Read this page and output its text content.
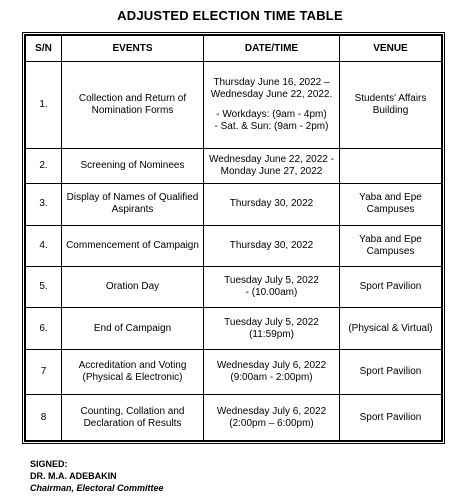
ADJUSTED ELECTION TIME TABLE
S/N	EVENTS	DATE/TIME	VENUE
1.	Collection and Return of
Nomination Forms	Thursday June 16, 2022 –
Wednesday June 22, 2022.
- Workdays: (9am - 4pm)
- Sat. & Sun: (9am - 2pm)	Students' Affairs
Building

2.	Screening of Nominees	Wednesday June 22, 2022 -
Monday June 27, 2022	

3.	Display of Names of Qualified
Aspirants	Thursday 30, 2022	Yaba and Epe
Campuses

4.	Commencement of Campaign	Thursday 30, 2022	Yaba and Epe
Campuses

5.	Oration Day	Tuesday July 5, 2022
- (10.00am)	Sport Pavilion

6.	End of Campaign	Tuesday July 5, 2022
(11:59pm)	(Physical & Virtual)

7	Accreditation and Voting
(Physical & Electronic)	Wednesday July 6, 2022
(9:00am - 2:00pm)	Sport Pavilion

8	Counting, Collation and
Declaration of Results	Wednesday July 6, 2022
(2:00pm – 6:00pm)	Sport Pavilion
SIGNED:
DR. M.A. ADEBAKIN
Chairman, Electoral Committee
